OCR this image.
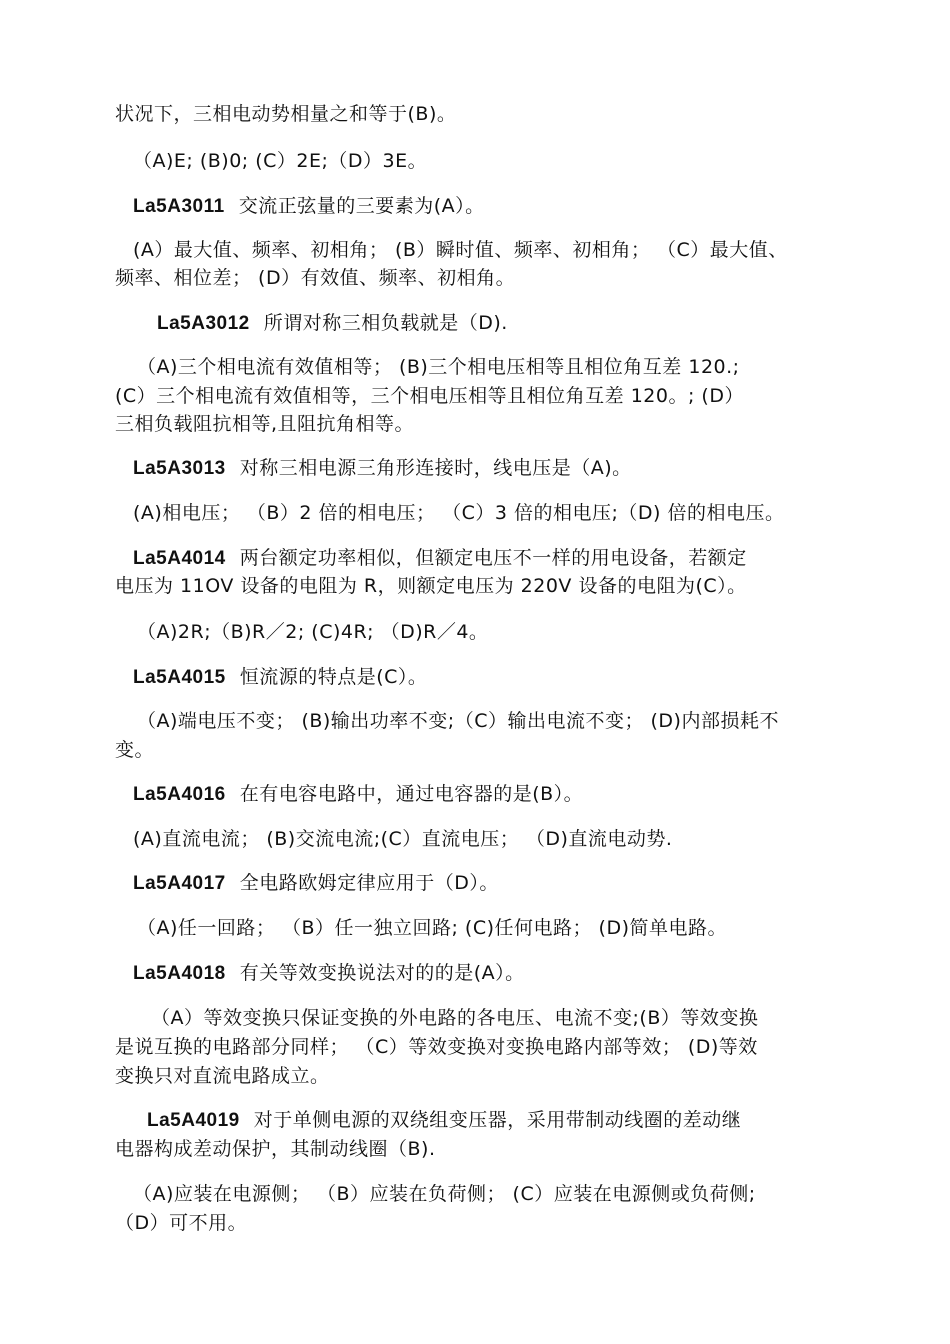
状况下，三相电动势相量之和等于(B)。
（A)E; (B)0; (C）2E;（D）3E。
La5A3011 交流正弦量的三要素为(A）。
(A）最大值、频率、初相角； (B）瞬时值、频率、初相角； （C）最大值、
频率、相位差； (D）有效值、频率、初相角。
La5A3012 所谓对称三相负载就是（D).
（A)三个相电流有效值相等； (B)三个相电压相等且相位角互差 120.;
(C）三个相电流有效值相等，三个相电压相等且相位角互差 120。; (D）
三相负载阻抗相等,且阻抗角相等。
La5A3013 对称三相电源三角形连接时，线电压是（A)。
(A)相电压； （B）2 倍的相电压； （C）3 倍的相电压;（D) 倍的相电压。
La5A4014 两台额定功率相似，但额定电压不一样的用电设备，若额定
电压为 11OV 设备的电阻为 R，则额定电压为 220V 设备的电阻为(C）。
（A)2R;（B)R／2; (C)4R; （D)R／4。
La5A4015 恒流源的特点是(C）。
（A)端电压不变； (B)输出功率不变;（C）输出电流不变； (D)内部损耗不
变。
La5A4016 在有电容电路中，通过电容器的是(B）。
(A)直流电流； (B)交流电流;(C）直流电压； （D)直流电动势.
La5A4017 全电路欧姆定律应用于（D）。
（A)任一回路； （B）任一独立回路; (C)任何电路； (D)简单电路。
La5A4018 有关等效变换说法对的的是(A）。
（A）等效变换只保证变换的外电路的各电压、电流不变;(B）等效变换
是说互换的电路部分同样； （C）等效变换对变换电路内部等效； (D)等效
变换只对直流电路成立。
La5A4019 对于单侧电源的双绕组变压器，采用带制动线圈的差动继
电器构成差动保护，其制动线圈（B).
（A)应装在电源侧； （B）应装在负荷侧； (C）应装在电源侧或负荷侧;
（D）可不用。
